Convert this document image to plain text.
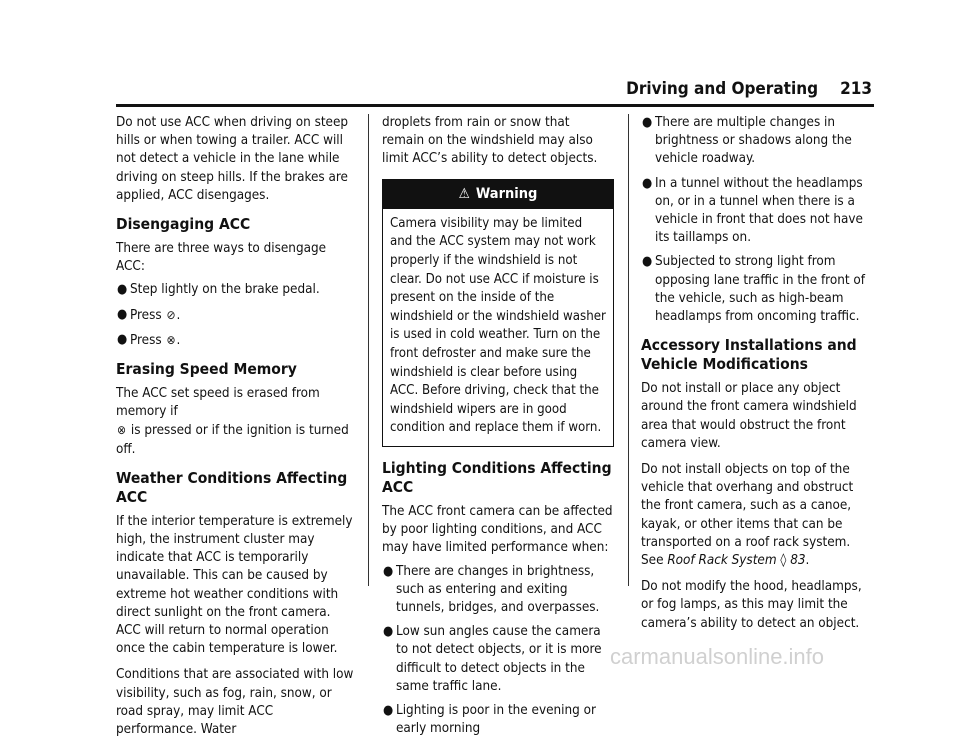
Driving and Operating 213

Do not use ACC when driving on steep hills or when towing a trailer. ACC will not detect a vehicle in the lane while driving on steep hills. If the brakes are applied, ACC disengages.

Disengaging ACC

There are three ways to disengage ACC:

● Step lightly on the brake pedal.
● Press ⊘.
● Press ⊗.
Erasing Speed Memory

The ACC set speed is erased from memory if
⊗ is pressed or if the ignition is turned off.

Weather Conditions Affecting ACC

If the interior temperature is extremely high, the instrument cluster may indicate that ACC is temporarily unavailable. This can be caused by extreme hot weather conditions with direct sunlight on the front camera. ACC will return to normal operation once the cabin temperature is lower.

Conditions that are associated with low visibility, such as fog, rain, snow, or road spray, may limit ACC performance. Water

droplets from rain or snow that remain on the windshield may also limit ACC’s ability to detect objects.

⚠ Warning
Camera visibility may be limited and the ACC system may not work properly if the windshield is not clear. Do not use ACC if moisture is present on the inside of the windshield or the windshield washer is used in cold weather. Turn on the front defroster and make sure the windshield is clear before using ACC. Before driving, check that the windshield wipers are in good condition and replace them if worn.
Lighting Conditions Affecting ACC

The ACC front camera can be affected by poor lighting conditions, and ACC may have limited performance when:

● There are changes in brightness, such as entering and exiting tunnels, bridges, and overpasses.
● Low sun angles cause the camera to not detect objects, or it is more difficult to detect objects in the same traffic lane.
● Lighting is poor in the evening or early morning
● There are multiple changes in brightness or shadows along the vehicle roadway.
● In a tunnel without the headlamps on, or in a tunnel when there is a vehicle in front that does not have its taillamps on.
● Subjected to strong light from opposing lane traffic in the front of the vehicle, such as high-beam headlamps from oncoming traffic.
Accessory Installations and Vehicle Modifications

Do not install or place any object around the front camera windshield area that would obstruct the front camera view.

Do not install objects on top of the vehicle that overhang and obstruct the front camera, such as a canoe, kayak, or other items that can be transported on a roof rack system. See Roof Rack System ◊ 83.

Do not modify the hood, headlamps, or fog lamps, as this may limit the camera’s ability to detect an object.

carmanualsonline.info
